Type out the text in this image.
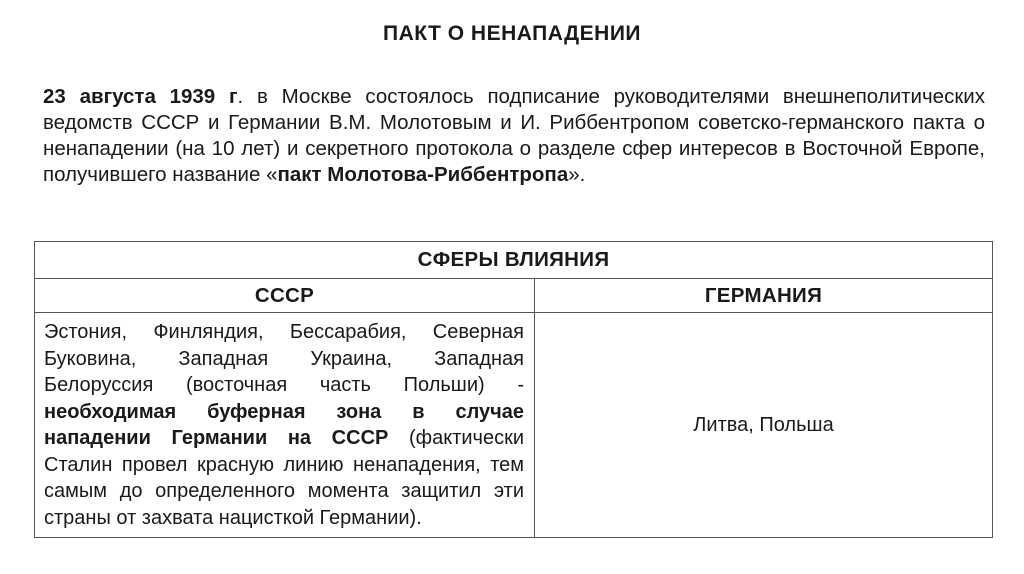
ПАКТ О НЕНАПАДЕНИИ
23 августа 1939 г. в Москве состоялось подписание руководителями внешнеполитических ведомств СССР и Германии В.М. Молотовым и И. Риббентропом советско-германского пакта о ненападении (на 10 лет) и секретного протокола о разделе сфер интересов в Восточной Европе, получившего название «пакт Молотова-Риббентропа».
СФЕРЫ ВЛИЯНИЯ	
СССР	ГЕРМАНИЯ
Эстония, Финляндия, Бессарабия, Северная Буковина, Западная Украина, Западная Белоруссия (восточная часть Польши) - необходимая буферная зона в случае нападении Германии на СССР (фактически Сталин провел красную линию ненападения, тем самым до определенного момента защитил эти страны от захвата нацисткой Германии).	Литва, Польша
